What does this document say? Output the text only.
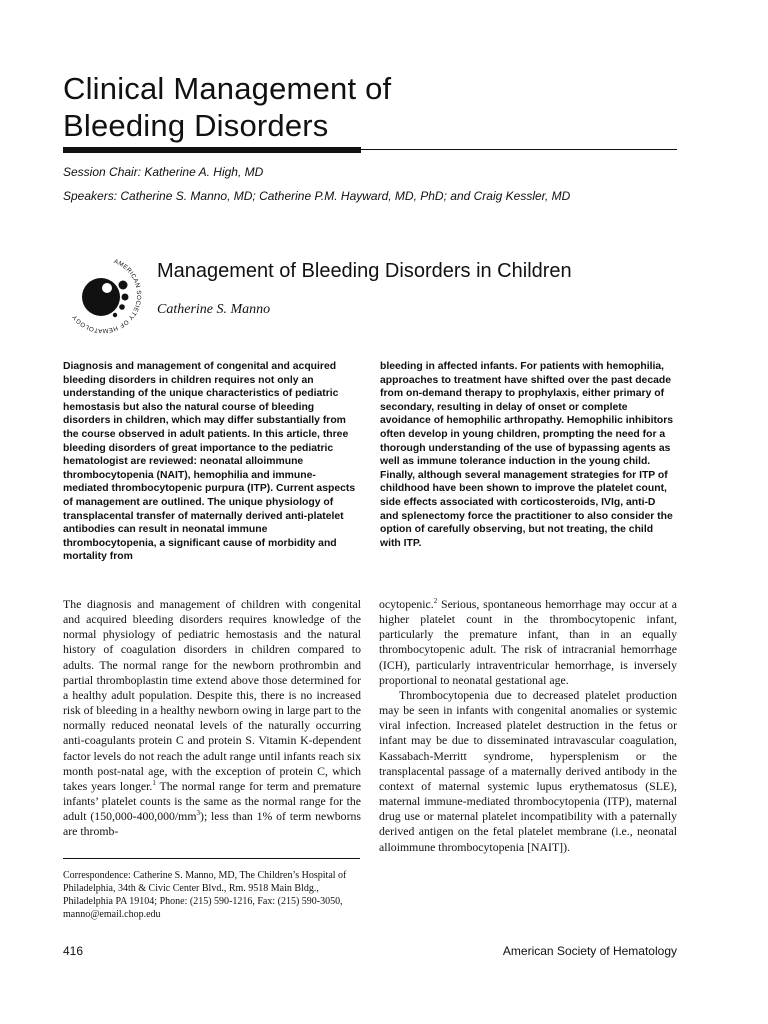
Clinical Management of
Bleeding Disorders
Session Chair: Katherine A. High, MD
Speakers: Catherine S. Manno, MD; Catherine P.M. Hayward, MD, PhD; and Craig Kessler, MD
AMERICAN SOCIETY OF HEMATOLOGY
Management of Bleeding Disorders in Children
Catherine S. Manno
Diagnosis and management of congenital and acquired bleeding disorders in children requires not only an understanding of the unique characteristics of pediatric hemostasis but also the natural course of bleeding disorders in children, which may differ substantially from the course observed in adult patients. In this article, three bleeding disorders of great importance to the pediatric hematologist are reviewed: neonatal alloimmune thrombocytopenia (NAIT), hemophilia and immune-mediated thrombocytopenic purpura (ITP). Current aspects of management are outlined. The unique physiology of transplacental transfer of maternally derived anti-platelet antibodies can result in neonatal immune thrombocytopenia, a significant cause of morbidity and mortality from
bleeding in affected infants. For patients with hemophilia, approaches to treatment have shifted over the past decade from on-demand therapy to prophylaxis, either primary of secondary, resulting in delay of onset or complete avoidance of hemophilic arthropathy. Hemophilic inhibitors often develop in young children, prompting the need for a thorough understanding of the use of bypassing agents as well as immune tolerance induction in the young child. Finally, although several management strategies for ITP of childhood have been shown to improve the platelet count, side effects associated with corticosteroids, IVIg, anti-D and splenectomy force the practitioner to also consider the option of carefully observing, but not treating, the child with ITP.

The diagnosis and management of children with congenital and acquired bleeding disorders requires knowledge of the normal physiology of pediatric hemostasis and the natural history of coagulation disorders in children compared to adults. The normal range for the newborn prothrombin and partial thromboplastin time extend above those determined for a healthy adult population. Despite this, there is no increased risk of bleeding in a healthy newborn owing in large part to the normally reduced neonatal levels of the naturally occurring anti-coagulants protein C and protein S. Vitamin K-dependent factor levels do not reach the adult range until infants reach six month post-natal age, with the exception of protein C, which takes years longer.$^1$ The normal range for term and premature infants’ platelet counts is the same as the normal range for the adult $(150,000-400,000/mm^3)$; less than 1% of term newborns are thromb-

ocytopenic.$^2$ Serious, spontaneous hemorrhage may occur at a higher platelet count in the thrombocytopenic infant, particularly the premature infant, than in an equally thrombocytopenic adult. The risk of intracranial hemorrhage (ICH), particularly intraventricular hemorrhage, is inversely proportional to neonatal gestational age.

Thrombocytopenia due to decreased platelet production may be seen in infants with congenital anomalies or systemic viral infection. Increased platelet destruction in the fetus or infant may be due to disseminated intravascular coagulation, Kassabach-Merritt syndrome, hypersplenism or the transplacental passage of a maternally derived antibody in the context of maternal systemic lupus erythematosus (SLE), maternal immune-mediated thrombocytopenia (ITP), maternal drug use or maternal platelet incompatibility with a paternally derived antigen on the fetal platelet membrane (i.e., neonatal alloimmune thrombocytopenia [NAIT]).

Correspondence: Catherine S. Manno, MD, The Children’s Hospital of Philadelphia, 34th & Civic Center Blvd., Rm. 9518 Main Bldg., Philadelphia PA 19104; Phone: (215) 590-1216, Fax: (215) 590-3050, manno@email.chop.edu
416	American Society of Hematology
